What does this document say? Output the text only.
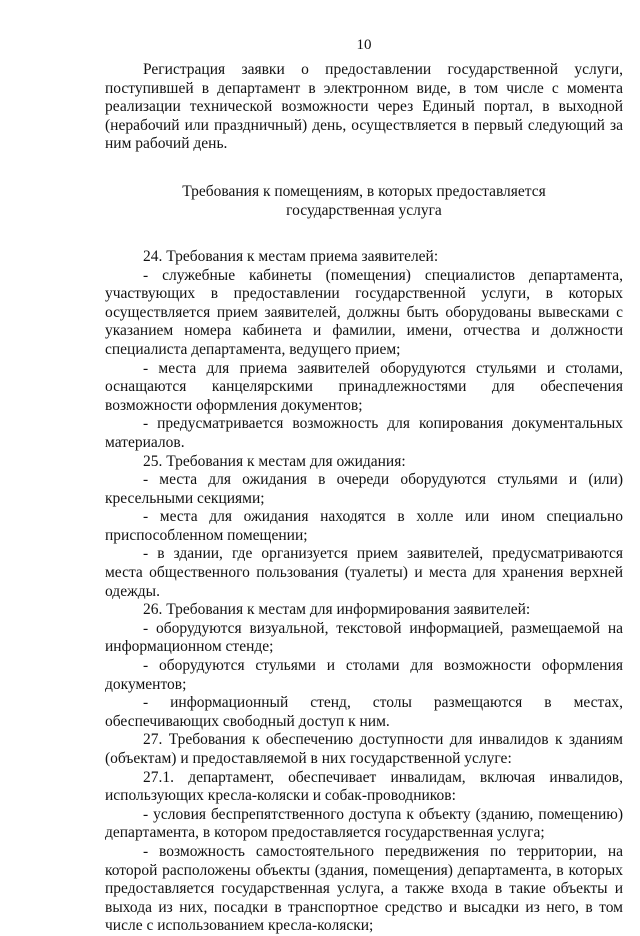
10

Регистрация заявки о предоставлении государственной услуги, поступившей в департамент в электронном виде, в том числе с момента реализации технической возможности через Единый портал, в выходной (нерабочий или праздничный) день, осуществляется в первый следующий за ним рабочий день.

Требования к помещениям, в которых предоставляется
государственная услуга

24. Требования к местам приема заявителей:

- служебные кабинеты (помещения) специалистов департамента, участвующих в предоставлении государственной услуги, в которых осуществляется прием заявителей, должны быть оборудованы вывесками с указанием номера кабинета и фамилии, имени, отчества и должности специалиста департамента, ведущего прием;

- места для приема заявителей оборудуются стульями и столами, оснащаются канцелярскими принадлежностями для обеспечения возможности оформления документов;

- предусматривается возможность для копирования документальных материалов.

25. Требования к местам для ожидания:

- места для ожидания в очереди оборудуются стульями и (или) кресельными секциями;

- места для ожидания находятся в холле или ином специально приспособленном помещении;

- в здании, где организуется прием заявителей, предусматриваются места общественного пользования (туалеты) и места для хранения верхней одежды.

26. Требования к местам для информирования заявителей:

- оборудуются визуальной, текстовой информацией, размещаемой на информационном стенде;

- оборудуются стульями и столами для возможности оформления документов;

- информационный стенд, столы размещаются в местах, обеспечивающих свободный доступ к ним.

27. Требования к обеспечению доступности для инвалидов к зданиям (объектам) и предоставляемой в них государственной услуге:

27.1. департамент, обеспечивает инвалидам, включая инвалидов, использующих кресла-коляски и собак-проводников:

- условия беспрепятственного доступа к объекту (зданию, помещению) департамента, в котором предоставляется государственная услуга;

- возможность самостоятельного передвижения по территории, на которой расположены объекты (здания, помещения) департамента, в которых предоставляется государственная услуга, а также входа в такие объекты и выхода из них, посадки в транспортное средство и высадки из него, в том числе с использованием кресла-коляски;
